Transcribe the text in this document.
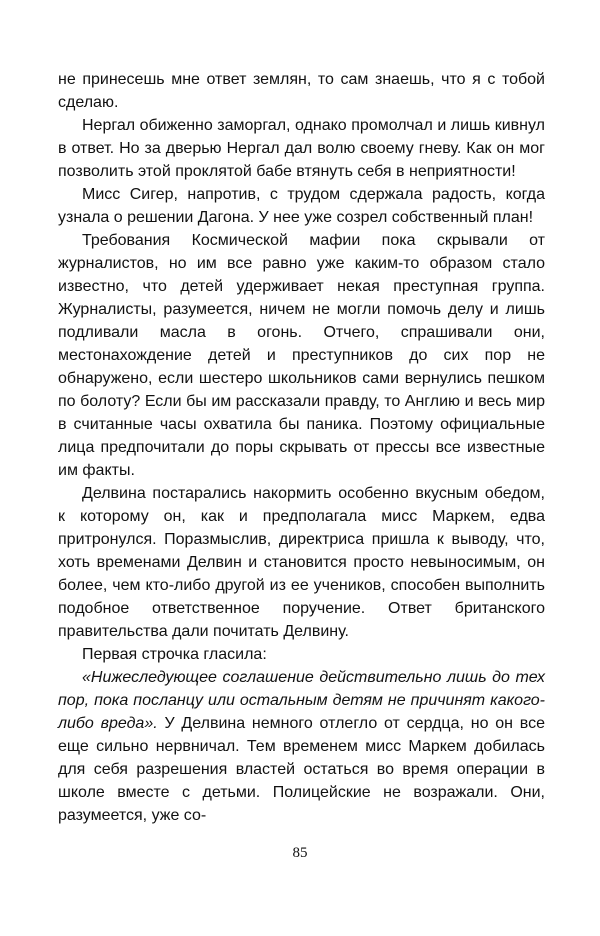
не принесешь мне ответ землян, то сам знаешь, что я с тобой сделаю.

Нергал обиженно заморгал, однако промолчал и лишь кивнул в ответ. Но за дверью Нергал дал волю своему гневу. Как он мог позволить этой проклятой бабе втянуть себя в неприятности!

Мисс Сигер, напротив, с трудом сдержала радость, когда узнала о решении Дагона. У нее уже созрел собственный план!

Требования Космической мафии пока скрывали от журналистов, но им все равно уже каким-то образом стало известно, что детей удерживает некая преступная группа. Журналисты, разумеется, ничем не могли помочь делу и лишь подливали масла в огонь. Отчего, спрашивали они, местонахождение детей и преступников до сих пор не обнаружено, если шестеро школьников сами вернулись пешком по болоту? Если бы им рассказали правду, то Англию и весь мир в считанные часы охватила бы паника. Поэтому официальные лица предпочитали до поры скрывать от прессы все известные им факты.

Делвина постарались накормить особенно вкусным обедом, к которому он, как и предполагала мисс Маркем, едва притронулся. Поразмыслив, директриса пришла к выводу, что, хоть временами Делвин и становится просто невыносимым, он более, чем кто-либо другой из ее учеников, способен выполнить подобное ответственное поручение. Ответ британского правительства дали почитать Делвину.

Первая строчка гласила:

«Нижеследующее соглашение действительно лишь до тех пор, пока посланцу или остальным детям не причинят какого-либо вреда». У Делвина немного отлегло от сердца, но он все еще сильно нервничал. Тем временем мисс Маркем добилась для себя разрешения властей остаться во время операции в школе вместе с детьми. Полицейские не возражали. Они, разумеется, уже со-

85
